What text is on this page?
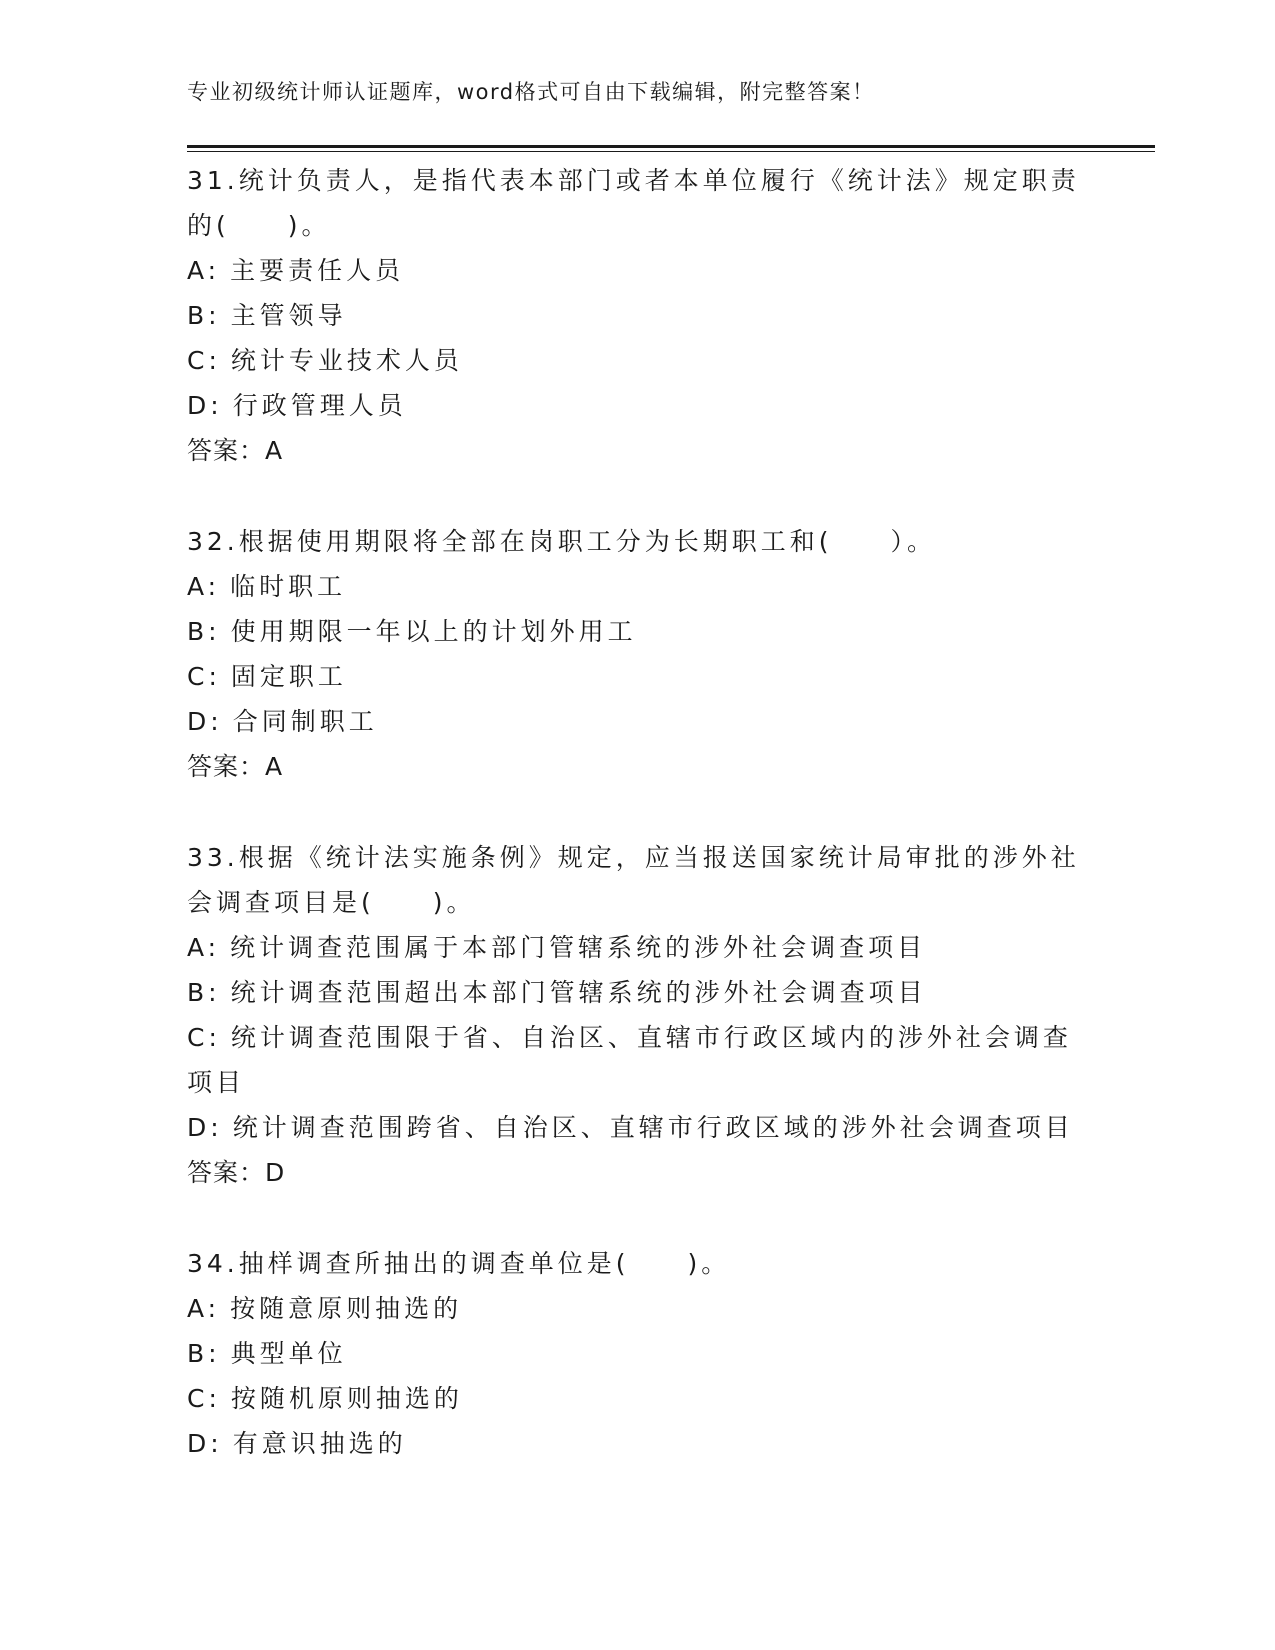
专业初级统计师认证题库，word格式可自由下载编辑，附完整答案！
31.统计负责人，是指代表本部门或者本单位履行《统计法》规定职责的(　　)。
A: 主要责任人员
B: 主管领导
C: 统计专业技术人员
D: 行政管理人员
答案：A
32.根据使用期限将全部在岗职工分为长期职工和(　　）。
A: 临时职工
B: 使用期限一年以上的计划外用工
C: 固定职工
D: 合同制职工
答案：A
33.根据《统计法实施条例》规定，应当报送国家统计局审批的涉外社会调查项目是(　　)。
A: 统计调查范围属于本部门管辖系统的涉外社会调查项目
B: 统计调查范围超出本部门管辖系统的涉外社会调查项目
C: 统计调查范围限于省、自治区、直辖市行政区域内的涉外社会调查项目
D: 统计调查范围跨省、自治区、直辖市行政区域的涉外社会调查项目
答案：D
34.抽样调查所抽出的调查单位是(　　)。
A: 按随意原则抽选的
B: 典型单位
C: 按随机原则抽选的
D: 有意识抽选的
